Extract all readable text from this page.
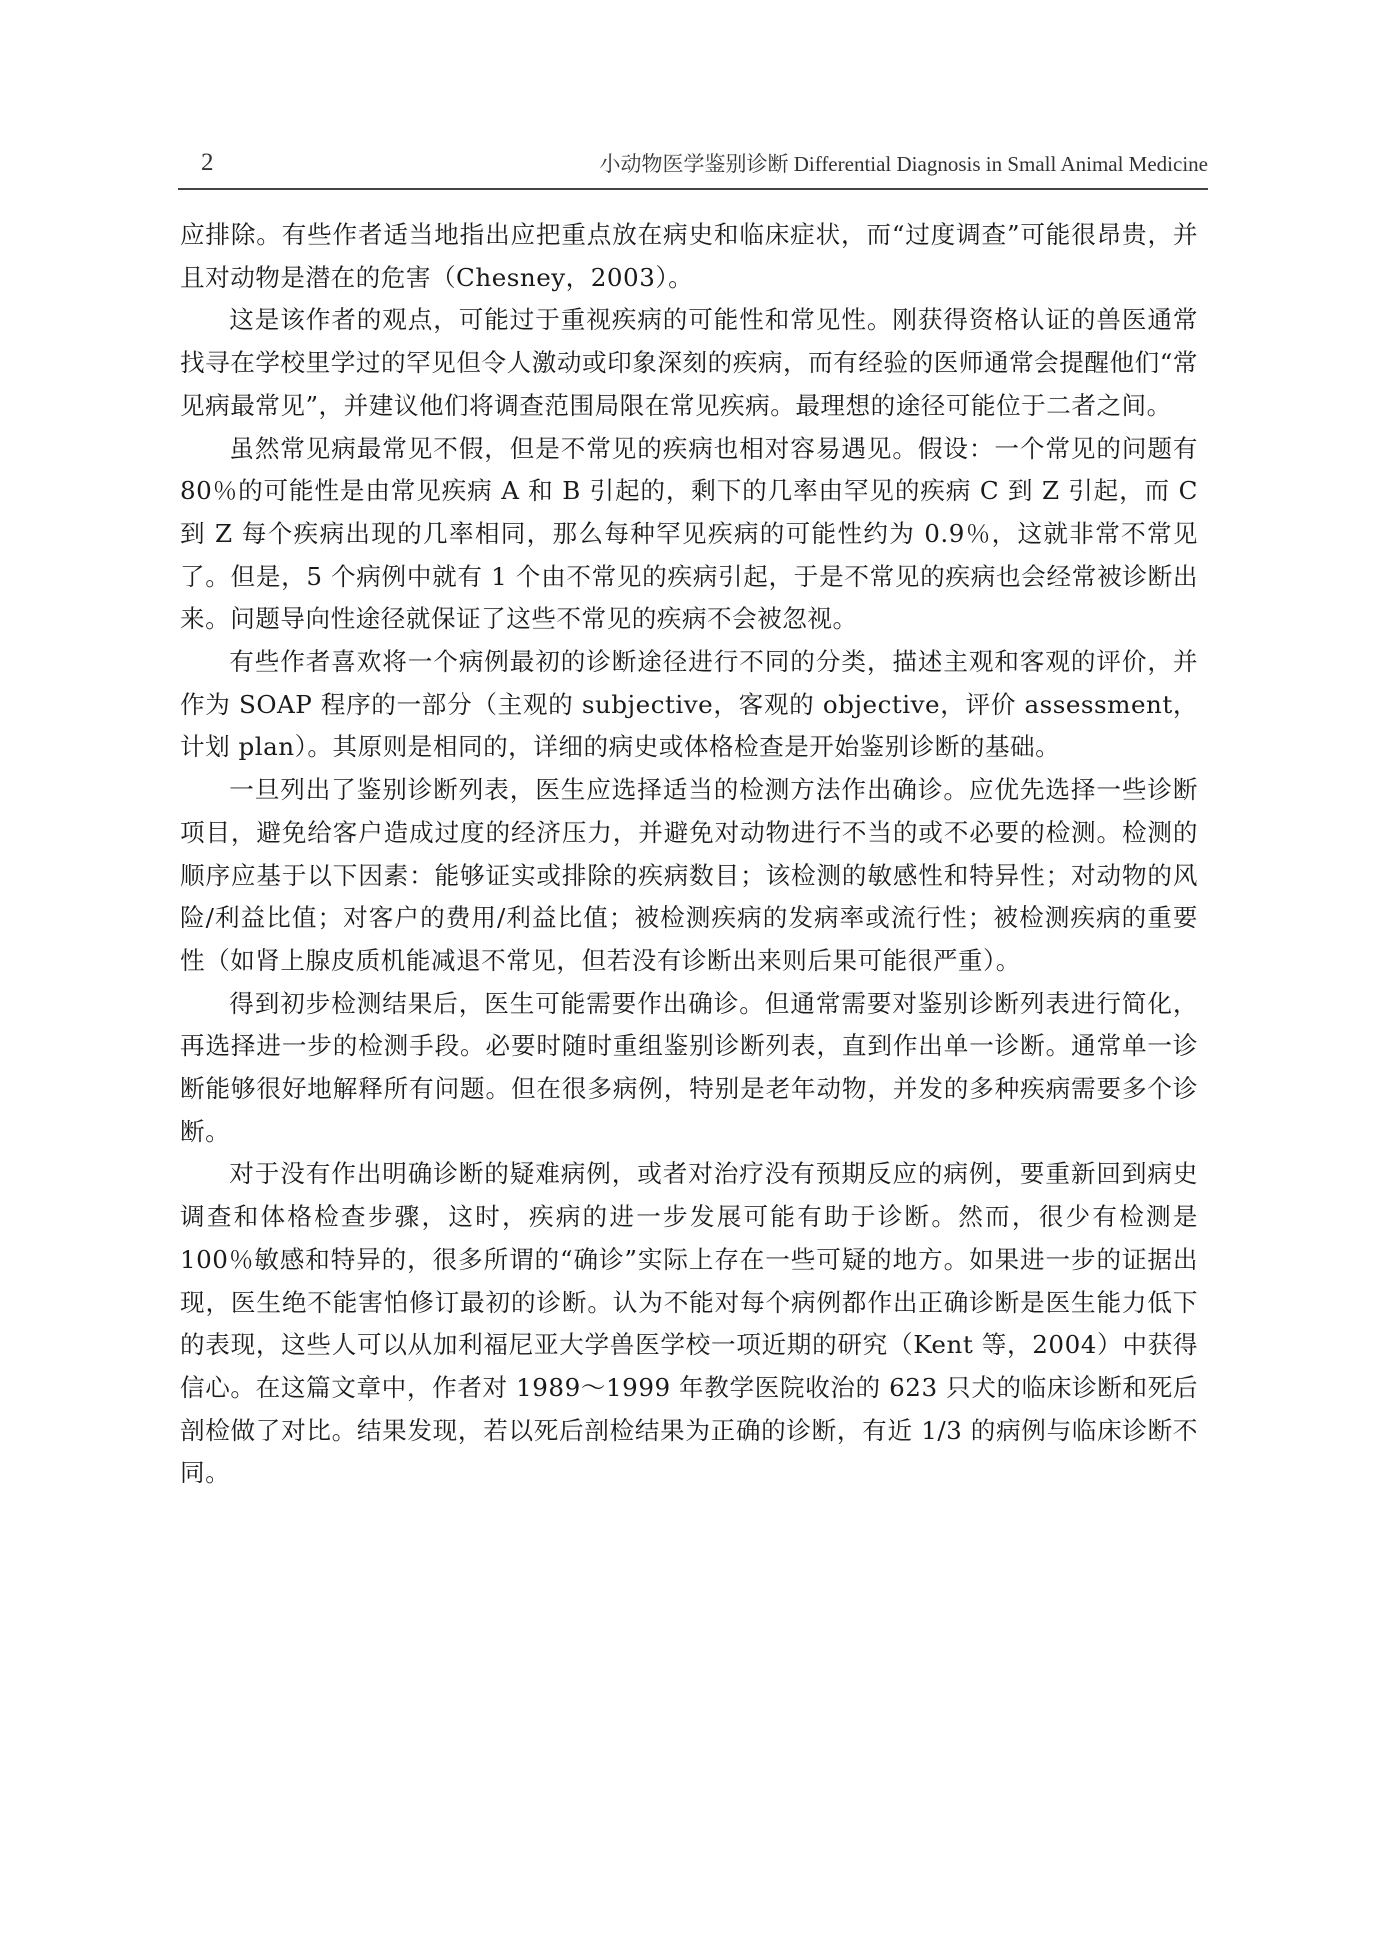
2	小动物医学鉴别诊断 Differential Diagnosis in Small Animal Medicine

应排除。有些作者适当地指出应把重点放在病史和临床症状，而“过度调查”可能很昂贵，并且对动物是潜在的危害（Chesney，2003）。

这是该作者的观点，可能过于重视疾病的可能性和常见性。刚获得资格认证的兽医通常找寻在学校里学过的罕见但令人激动或印象深刻的疾病，而有经验的医师通常会提醒他们“常见病最常见”，并建议他们将调查范围局限在常见疾病。最理想的途径可能位于二者之间。

虽然常见病最常见不假，但是不常见的疾病也相对容易遇见。假设：一个常见的问题有 80％的可能性是由常见疾病 A 和 B 引起的，剩下的几率由罕见的疾病 C 到 Z 引起，而 C 到 Z 每个疾病出现的几率相同，那么每种罕见疾病的可能性约为 0.9％，这就非常不常见了。但是，5 个病例中就有 1 个由不常见的疾病引起，于是不常见的疾病也会经常被诊断出来。问题导向性途径就保证了这些不常见的疾病不会被忽视。

有些作者喜欢将一个病例最初的诊断途径进行不同的分类，描述主观和客观的评价，并作为 SOAP 程序的一部分（主观的 subjective，客观的 objective，评价 assessment，计划 plan）。其原则是相同的，详细的病史或体格检查是开始鉴别诊断的基础。

一旦列出了鉴别诊断列表，医生应选择适当的检测方法作出确诊。应优先选择一些诊断项目，避免给客户造成过度的经济压力，并避免对动物进行不当的或不必要的检测。检测的顺序应基于以下因素：能够证实或排除的疾病数目；该检测的敏感性和特异性；对动物的风险/利益比值；对客户的费用/利益比值；被检测疾病的发病率或流行性；被检测疾病的重要性（如肾上腺皮质机能减退不常见，但若没有诊断出来则后果可能很严重）。

得到初步检测结果后，医生可能需要作出确诊。但通常需要对鉴别诊断列表进行简化，再选择进一步的检测手段。必要时随时重组鉴别诊断列表，直到作出单一诊断。通常单一诊断能够很好地解释所有问题。但在很多病例，特别是老年动物，并发的多种疾病需要多个诊断。

对于没有作出明确诊断的疑难病例，或者对治疗没有预期反应的病例，要重新回到病史调查和体格检查步骤，这时，疾病的进一步发展可能有助于诊断。然而，很少有检测是 100％敏感和特异的，很多所谓的“确诊”实际上存在一些可疑的地方。如果进一步的证据出现，医生绝不能害怕修订最初的诊断。认为不能对每个病例都作出正确诊断是医生能力低下的表现，这些人可以从加利福尼亚大学兽医学校一项近期的研究（Kent 等，2004）中获得信心。在这篇文章中，作者对 1989～1999 年教学医院收治的 623 只犬的临床诊断和死后剖检做了对比。结果发现，若以死后剖检结果为正确的诊断，有近 1/3 的病例与临床诊断不同。
